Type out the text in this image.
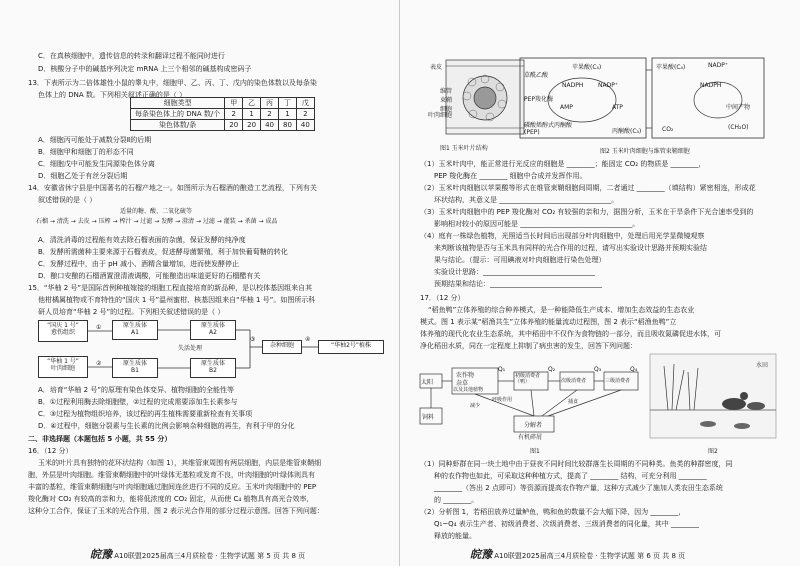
C．在真核细胞中，遗传信息的转录和翻译过程不能同时进行
D．核酸分子中的碱基序列决定 mRNA 上三个相邻的碱基构成密码子
13．下表所示为二倍体雄性小鼠的睾丸中，细胞甲、乙、丙、丁、戊内的染色体数以及每条染
色体上的 DNA 数。下列相关叙述正确的是（ ）
细胞类型	甲	乙	丙	丁	戊
每条染色体上的 DNA 数/个	2	1	2	1	2
染色体数/条	20	20	40	80	40
A．细胞丙可能处于减数分裂Ⅱ的后期
B．细胞甲和细胞丁的形态不同
C．细胞戊中可能发生同源染色体分离
D．细胞乙处于有丝分裂后期
14．安徽省休宁县是中国著名的石榴产地之一。如图所示为石榴酒的酿造工艺流程，下列有关
叙述错误的是（ ）
适量的糖、酸、二氧化硫等
石榴 → 清洗 → 去皮 → 压榨 → 榨汁 → 过滤 → 发酵 → 澄清 → 过滤 → 灌装 → 杀菌 → 成品
A．清洗消毒的过程能有效去除石榴表面的杂菌，保证发酵的纯净度
B．发酵所需菌种主要来源于石榴表皮，促进酵母菌繁殖，利于加快葡萄糖的转化
C．发酵过程中，由于 pH 减小、酒精含量增加，进而使发酵停止
D．酿口安酿的石榴酒置澄清液调酸，可能酿造出味道更好的石榴醋有关
15．“华柚 2 号”是国际首例种植嫁接的细胞工程直接培育的新品种，是以校体基因组来自其
他柑橘属植物或不育特性的“国庆 1 号”温州蜜柑、核基因组来自“华柚 1 号”。如图所示科
研人员培育“华柚 2 号”的过程。下列相关叙述错误的是（ ）
“国庆 1 号”
愈伤组织
“华柚 1 号”
叶肉细胞
原生质体
A1
原生质体
A2
原生质体
B1
原生质体
B2
失活处理	杂种细胞	“华柚2号”植株
①
②
③	④
A．培育“华柚 2 号”的原理有染色体变异、植物细胞的全能性等
B．①过程利用酶去除细胞壁，②过程的完成需要添加生长素参与
C．③过程为植物组织培养，该过程的再生植株需要重新检查有关事项
D．④过程中，细胞分裂素与生长素的比例会影响杂种细胞的再生，有利于甲的分化
二、非选择题（本题包括 5 小题，共 55 分）
16．（12 分）
玉米的叶片具有独特的花环状结构（如图 1），其维管束周围有两层细胞，内层是维管束鞘细
胞，外层是叶肉细胞。维管束鞘细胞中的叶绿体无基粒或发育不良，叶肉细胞的叶绿体则具有
丰富的基粒，维管束鞘细胞与叶肉细胞通过胞间连丝进行不同的反应。玉米叶肉细胞中的 PEP
羧化酶对 CO₂ 有较高的亲和力，能将低浓度的 CO₂ 固定，从而使 C₄ 植物具有高光合效率，
这种分工合作，保证了玉米的光合作用，图 2 表示光合作用的部分过程示意图。回答下列问题：
皖豫 A10联盟2025届高三4月质检卷 · 生物学试题 第 5 页 共 8 页
表皮
叶肉细胞
维管束鞘细胞
图1 玉米叶片结构
苹果酸(C₄)
草酰乙酸
NADPH NADP⁺
PEP羧化酶
AMP	ATP
磷酸烯醇式丙酮酸(PEP)	丙酮酸(C₃)
苹果酸(C₄)	NADP⁺
NADPH
中间产物
(CH₂O)
CO₂
图2 玉米叶肉细胞与维管束鞘细胞
（1）玉米叶肉中，能正常进行光反应的细胞是 ________；能固定 CO₂ 的物质是 ________，
PEP 羧化酶在 ________ 细胞中合成并发挥作用。
（2）玉米叶肉细胞以苹果酸等形式在维管束鞘细胞间周期，二者通过 ________（填结构）紧密相连，形成花
环状结构，其意义是 ________________________________。
（3）玉米叶肉细胞中的 PEP 羧化酶对 CO₂ 有较强的亲和力，据图分析，玉米在干旱条件下光合速率受到的
影响相对较小的原因可能是 ________________________________。
（4）庭有一株绿色植物，光照适当长时间后出现部分叶肉细胞中，处理后用光学显微镜观察
来判断该植物是否与玉米具有同样的光合作用的过程，请写出实验设计思路并预期实验结
果与结论。（提示：可用碘液对叶肉细胞进行染色处理）
实验设计思路：________________________________
预期结果和结论：________________________________
17．（12 分）
“稻鱼鸭”立体养殖的综合种养模式，是一种能降低生产成本、增加生态效益的生态农业
模式。图 1 表示某“稻渔共生”立体养殖的能量流动过程图，图 2 表示“稻渔鱼鸭”立
体养殖的现代化农业生态系统，其中稻田中不仅作为食物链的一部分，而且吸收氮磷促进水体，可
净化稻田水质，同在一定程度上抑制了病虫害的发生，回答下列问题：
太阳
农作物
杂草
以及其他植物
Q₁
初级消费者
（鸭）
Q₂
次级消费者
Q₃
三级消费者
Q₄
分解者
饲料
有机碎屑
呼吸作用	捕食
减少
图1
水田
图2
（1）同种虾群在同一块土地中由于昼夜不同时间比较群落生长周期的不同种类。鱼类的种群密度，同
种的农作物也如此，可采取这种种植方式，提高了 ________ 结构，可充分利用 ________
________（答出 2 点即可）等资源而提高农作物产量，这种方式减少了施加人类农田生态系统
的 ________。
（2）分析图 1，若稻田放养过量鲈鱼，鸭和鱼的数量不会大幅下降，因为 ________，
Q₁~Q₄ 表示生产者、初级消费者、次级消费者、三级消费者的同化量，其中 ________
释放的能量。
皖豫 A10联盟2025届高三4月质检卷 · 生物学试题 第 6 页 共 8 页
